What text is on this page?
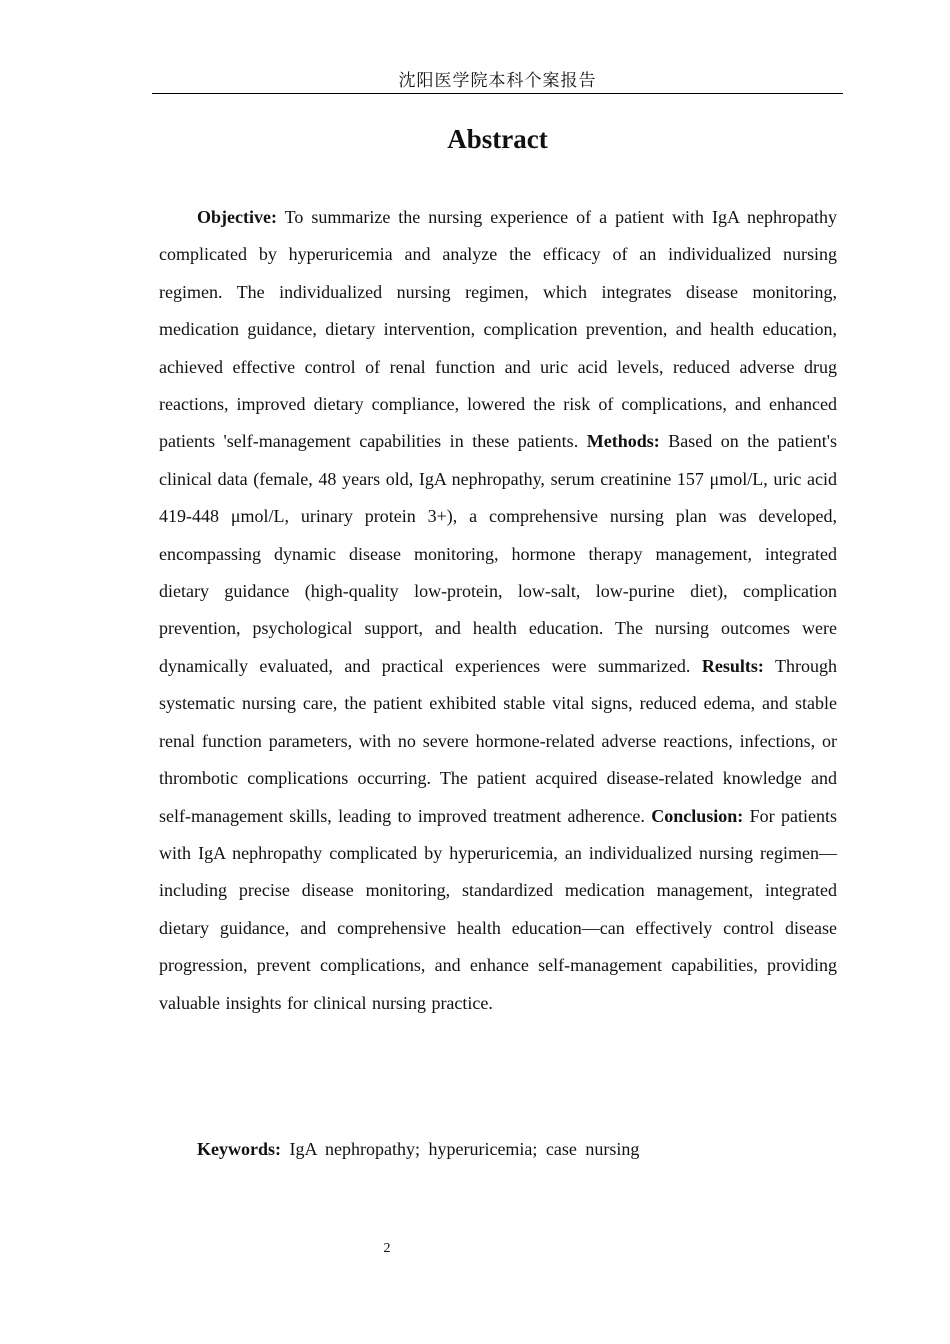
沈阳医学院本科个案报告
Abstract

Objective: To summarize the nursing experience of a patient with IgA nephropathy complicated by hyperuricemia and analyze the efficacy of an individualized nursing regimen. The individualized nursing regimen, which integrates disease monitoring, medication guidance, dietary intervention, complication prevention, and health education, achieved effective control of renal function and uric acid levels, reduced adverse drug reactions, improved dietary compliance, lowered the risk of complications, and enhanced patients 'self-management capabilities in these patients. Methods: Based on the patient's clinical data (female, 48 years old, IgA nephropathy, serum creatinine 157 μmol/L, uric acid 419‑448 μmol/L, urinary protein 3+), a comprehensive nursing plan was developed, encompassing dynamic disease monitoring, hormone therapy management, integrated dietary guidance (high-quality low-protein, low-salt, low-purine diet), complication prevention, psychological support, and health education. The nursing outcomes were dynamically evaluated, and practical experiences were summarized. Results: Through systematic nursing care, the patient exhibited stable vital signs, reduced edema, and stable renal function parameters, with no severe hormone-related adverse reactions, infections, or thrombotic complications occurring. The patient acquired disease-related knowledge and self-management skills, leading to improved treatment adherence. Conclusion: For patients with IgA nephropathy complicated by hyperuricemia, an individualized nursing regimen—including precise disease monitoring, standardized medication management, integrated dietary guidance, and comprehensive health education—can effectively control disease progression, prevent complications, and enhance self-management capabilities, providing valuable insights for clinical nursing practice.

Keywords: IgA nephropathy; hyperuricemia; case nursing
2
